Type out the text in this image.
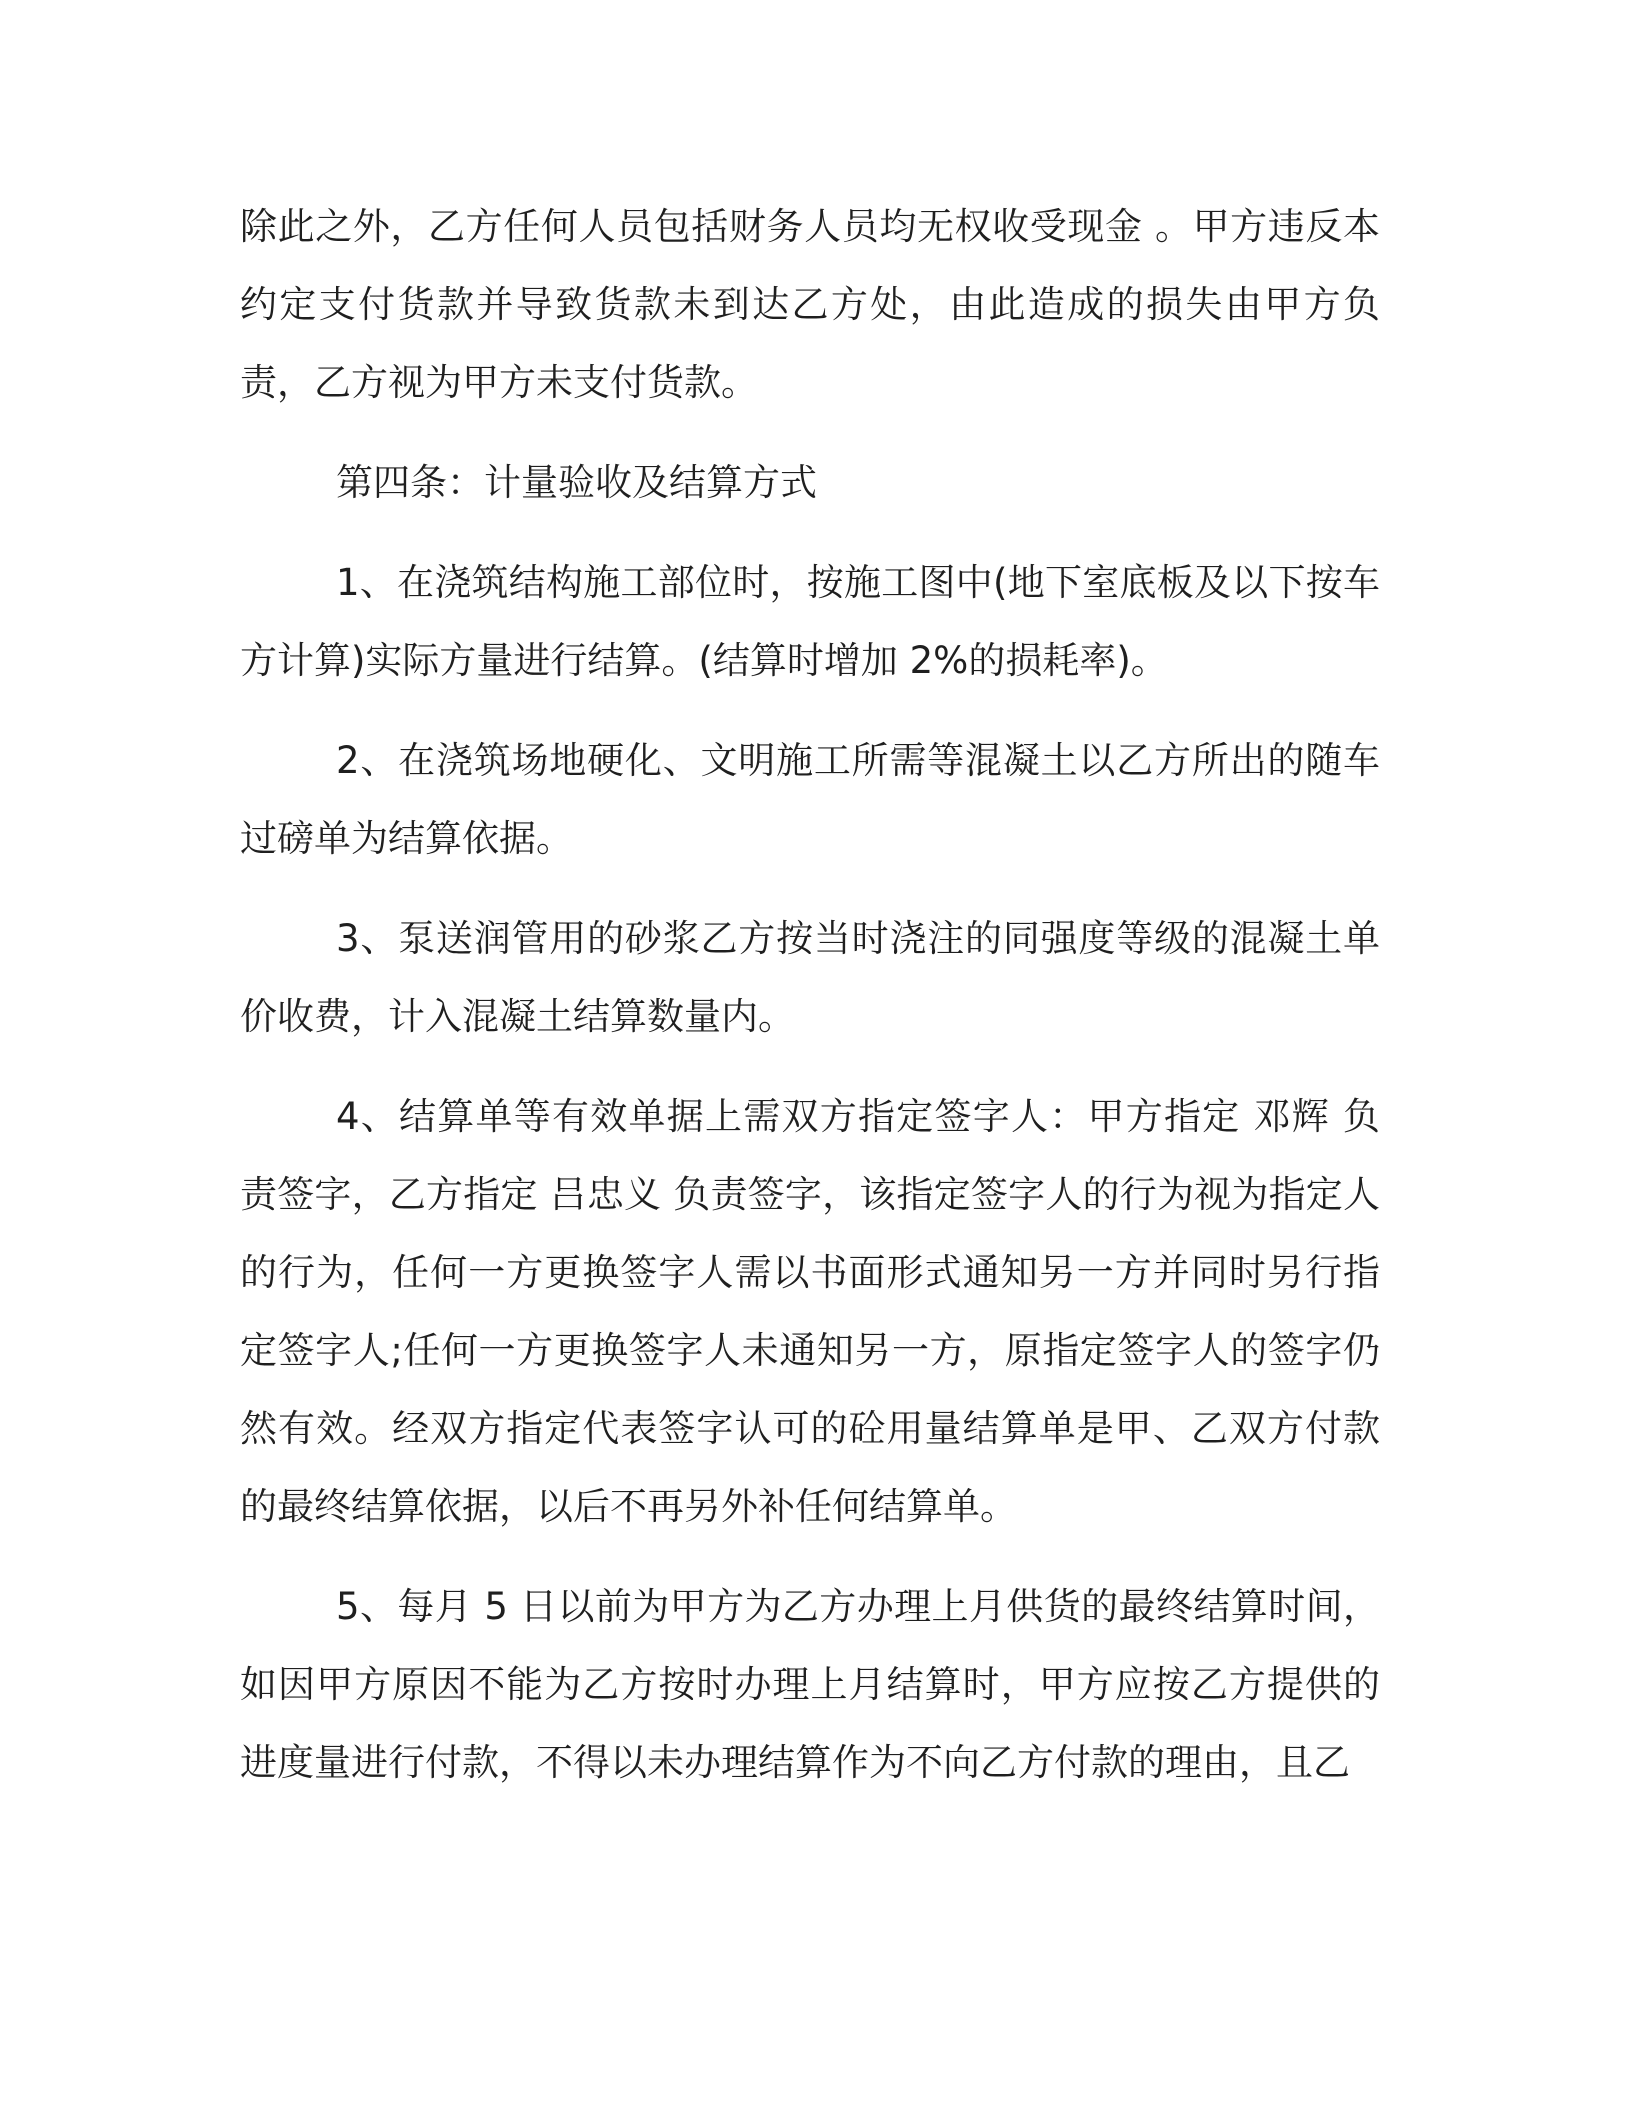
除此之外，乙方任何人员包括财务人员均无权收受现金 。甲方违反本约定支付货款并导致货款未到达乙方处，由此造成的损失由甲方负责，乙方视为甲方未支付货款。

第四条：计量验收及结算方式

1、在浇筑结构施工部位时，按施工图中(地下室底板及以下按车方计算)实际方量进行结算。(结算时增加 2%的损耗率)。

2、在浇筑场地硬化、文明施工所需等混凝土以乙方所出的随车过磅单为结算依据。

3、泵送润管用的砂浆乙方按当时浇注的同强度等级的混凝土单价收费，计入混凝土结算数量内。

4、结算单等有效单据上需双方指定签字人：甲方指定 邓辉 负责签字，乙方指定 吕忠义 负责签字，该指定签字人的行为视为指定人的行为，任何一方更换签字人需以书面形式通知另一方并同时另行指定签字人;任何一方更换签字人未通知另一方，原指定签字人的签字仍然有效。经双方指定代表签字认可的砼用量结算单是甲、乙双方付款的最终结算依据，以后不再另外补任何结算单。

5、每月 5 日以前为甲方为乙方办理上月供货的最终结算时间，如因甲方原因不能为乙方按时办理上月结算时，甲方应按乙方提供的进度量进行付款，不得以未办理结算作为不向乙方付款的理由，且乙
